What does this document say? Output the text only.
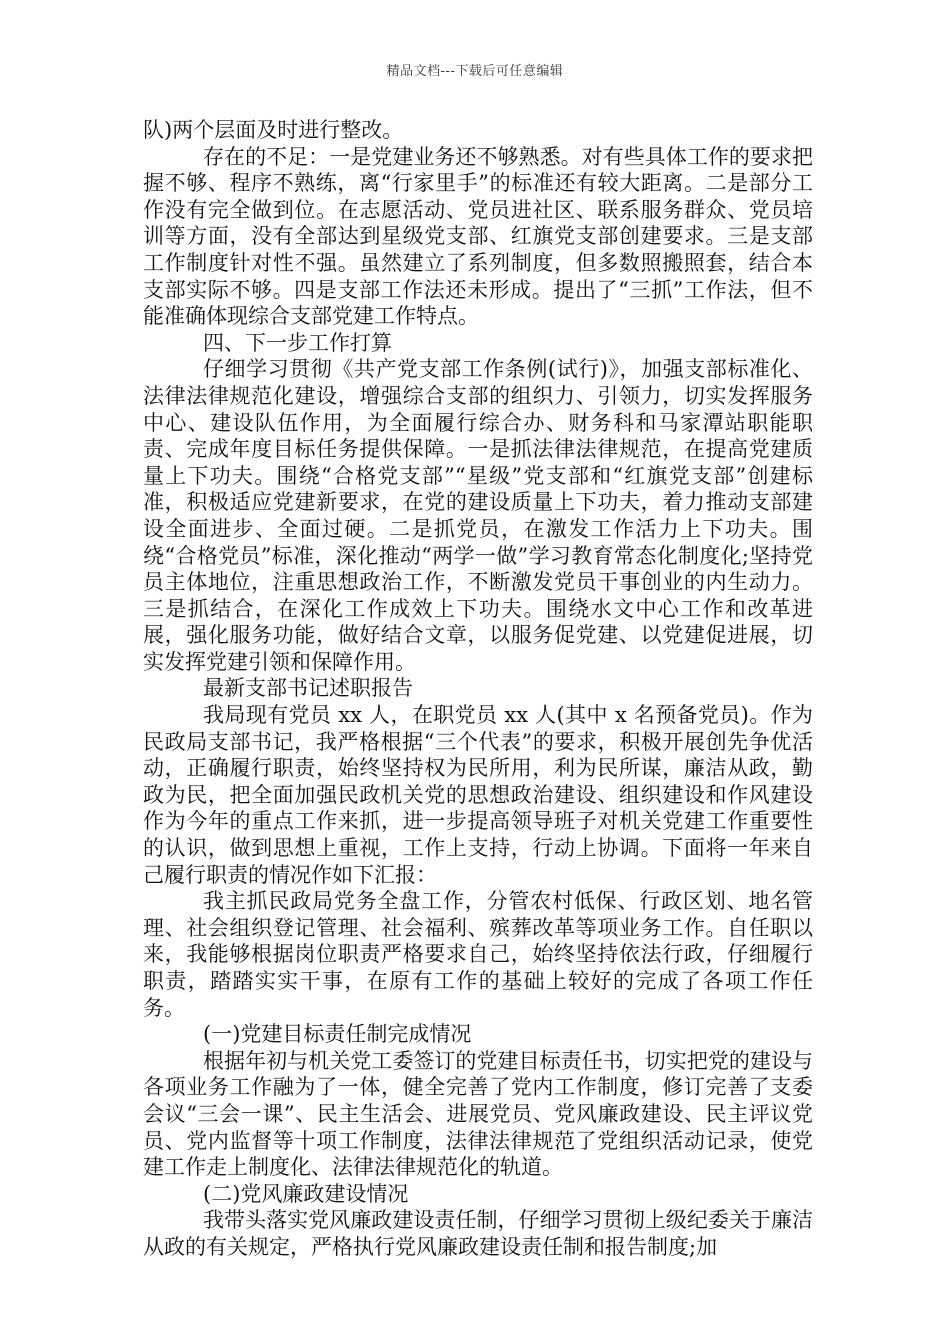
精品文档---下载后可任意编辑

队)两个层面及时进行整改。

存在的不足：一是党建业务还不够熟悉。对有些具体工作的要求把握不够、程序不熟练，离“行家里手”的标准还有较大距离。二是部分工作没有完全做到位。在志愿活动、党员进社区、联系服务群众、党员培训等方面，没有全部达到星级党支部、红旗党支部创建要求。三是支部工作制度针对性不强。虽然建立了系列制度，但多数照搬照套，结合本支部实际不够。四是支部工作法还未形成。提出了“三抓”工作法，但不能准确体现综合支部党建工作特点。

四、下一步工作打算

仔细学习贯彻《共产党支部工作条例(试行)》，加强支部标准化、法律法律规范化建设，增强综合支部的组织力、引领力，切实发挥服务中心、建设队伍作用，为全面履行综合办、财务科和马家潭站职能职责、完成年度目标任务提供保障。一是抓法律法律规范，在提高党建质量上下功夫。围绕“合格党支部”“星级”党支部和“红旗党支部”创建标准，积极适应党建新要求，在党的建设质量上下功夫，着力推动支部建设全面进步、全面过硬。二是抓党员，在激发工作活力上下功夫。围绕“合格党员”标准，深化推动“两学一做”学习教育常态化制度化;坚持党员主体地位，注重思想政治工作，不断激发党员干事创业的内生动力。三是抓结合，在深化工作成效上下功夫。围绕水文中心工作和改革进展，强化服务功能，做好结合文章，以服务促党建、以党建促进展，切实发挥党建引领和保障作用。

最新支部书记述职报告

我局现有党员 xx 人，在职党员 xx 人(其中 x 名预备党员)。作为民政局支部书记，我严格根据“三个代表”的要求，积极开展创先争优活动，正确履行职责，始终坚持权为民所用，利为民所谋，廉洁从政，勤政为民，把全面加强民政机关党的思想政治建设、组织建设和作风建设作为今年的重点工作来抓，进一步提高领导班子对机关党建工作重要性的认识，做到思想上重视，工作上支持，行动上协调。下面将一年来自己履行职责的情况作如下汇报：

我主抓民政局党务全盘工作，分管农村低保、行政区划、地名管理、社会组织登记管理、社会福利、殡葬改革等项业务工作。自任职以来，我能够根据岗位职责严格要求自己，始终坚持依法行政，仔细履行职责，踏踏实实干事，在原有工作的基础上较好的完成了各项工作任务。

(一)党建目标责任制完成情况

根据年初与机关党工委签订的党建目标责任书，切实把党的建设与各项业务工作融为了一体，健全完善了党内工作制度，修订完善了支委会议“三会一课”、民主生活会、进展党员、党风廉政建设、民主评议党员、党内监督等十项工作制度，法律法律规范了党组织活动记录，使党建工作走上制度化、法律法律规范化的轨道。

(二)党风廉政建设情况

我带头落实党风廉政建设责任制，仔细学习贯彻上级纪委关于廉洁从政的有关规定，严格执行党风廉政建设责任制和报告制度;加
